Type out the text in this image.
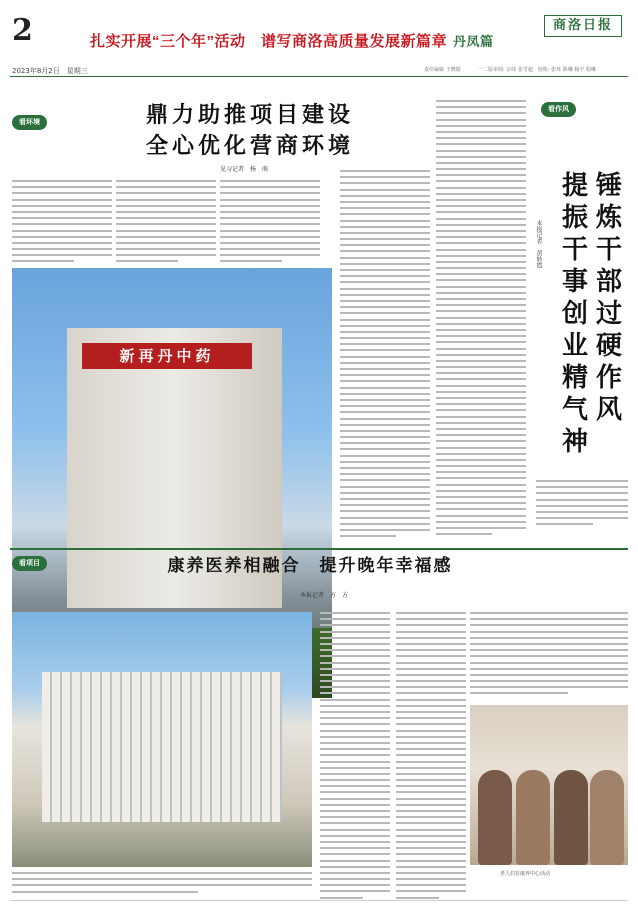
2	扎实开展“三个年”活动　谱写商洛高质量发展新篇章 丹凤篇
商洛日报
2023年8月2日　星期三	责任编辑 王晓娟	一二版审阅: 宗纬 张雪超　校检: 张环 陈琳 杨宇 程琳
看环境	鼎力助推项目建设
全心优化营商环境
见习记者　杨　萌
新再丹中药
看作风
锤
炼
干
部
过
硬
作
风
提
振
干
事
创
业
精
气
神
本报记者　黄转霞
看项目	康养医养相融合　提升晚年幸福感
本报记者　方　方
老人们在康养中心活动
